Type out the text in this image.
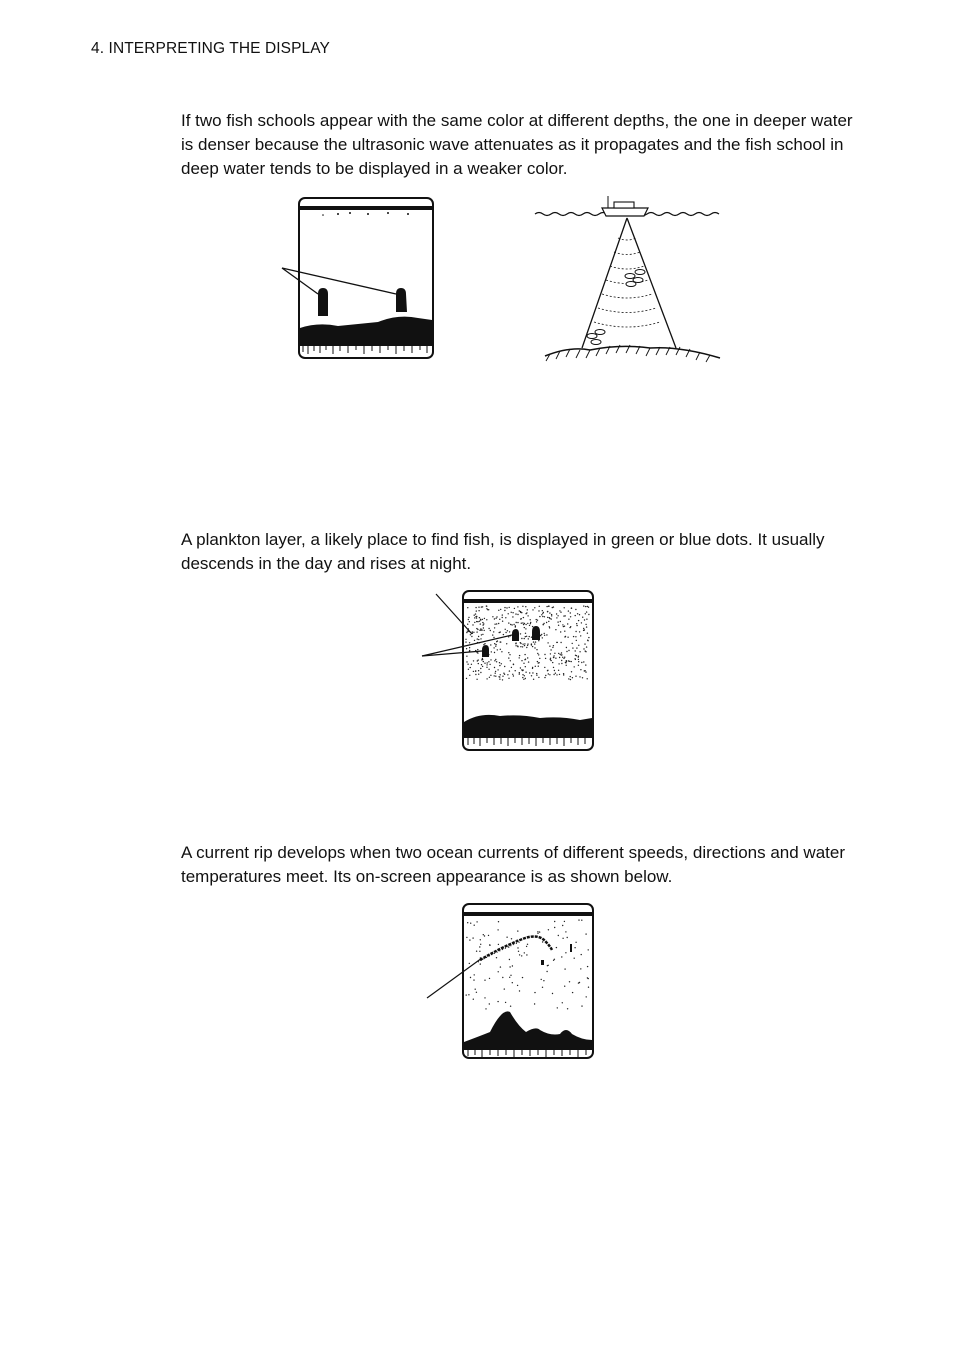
4. INTERPRETING THE DISPLAY

If two fish schools appear with the same color at different depths, the one in deeper water is denser because the ultrasonic wave attenuates as it propagates and the fish school in deep water tends to be displayed in a weaker color.

A plankton layer, a likely place to find fish, is displayed in green or blue dots. It usually descends in the day and rises at night.

A current rip develops when two ocean currents of different speeds, directions and water temperatures meet. Its on-screen appearance is as shown below.
